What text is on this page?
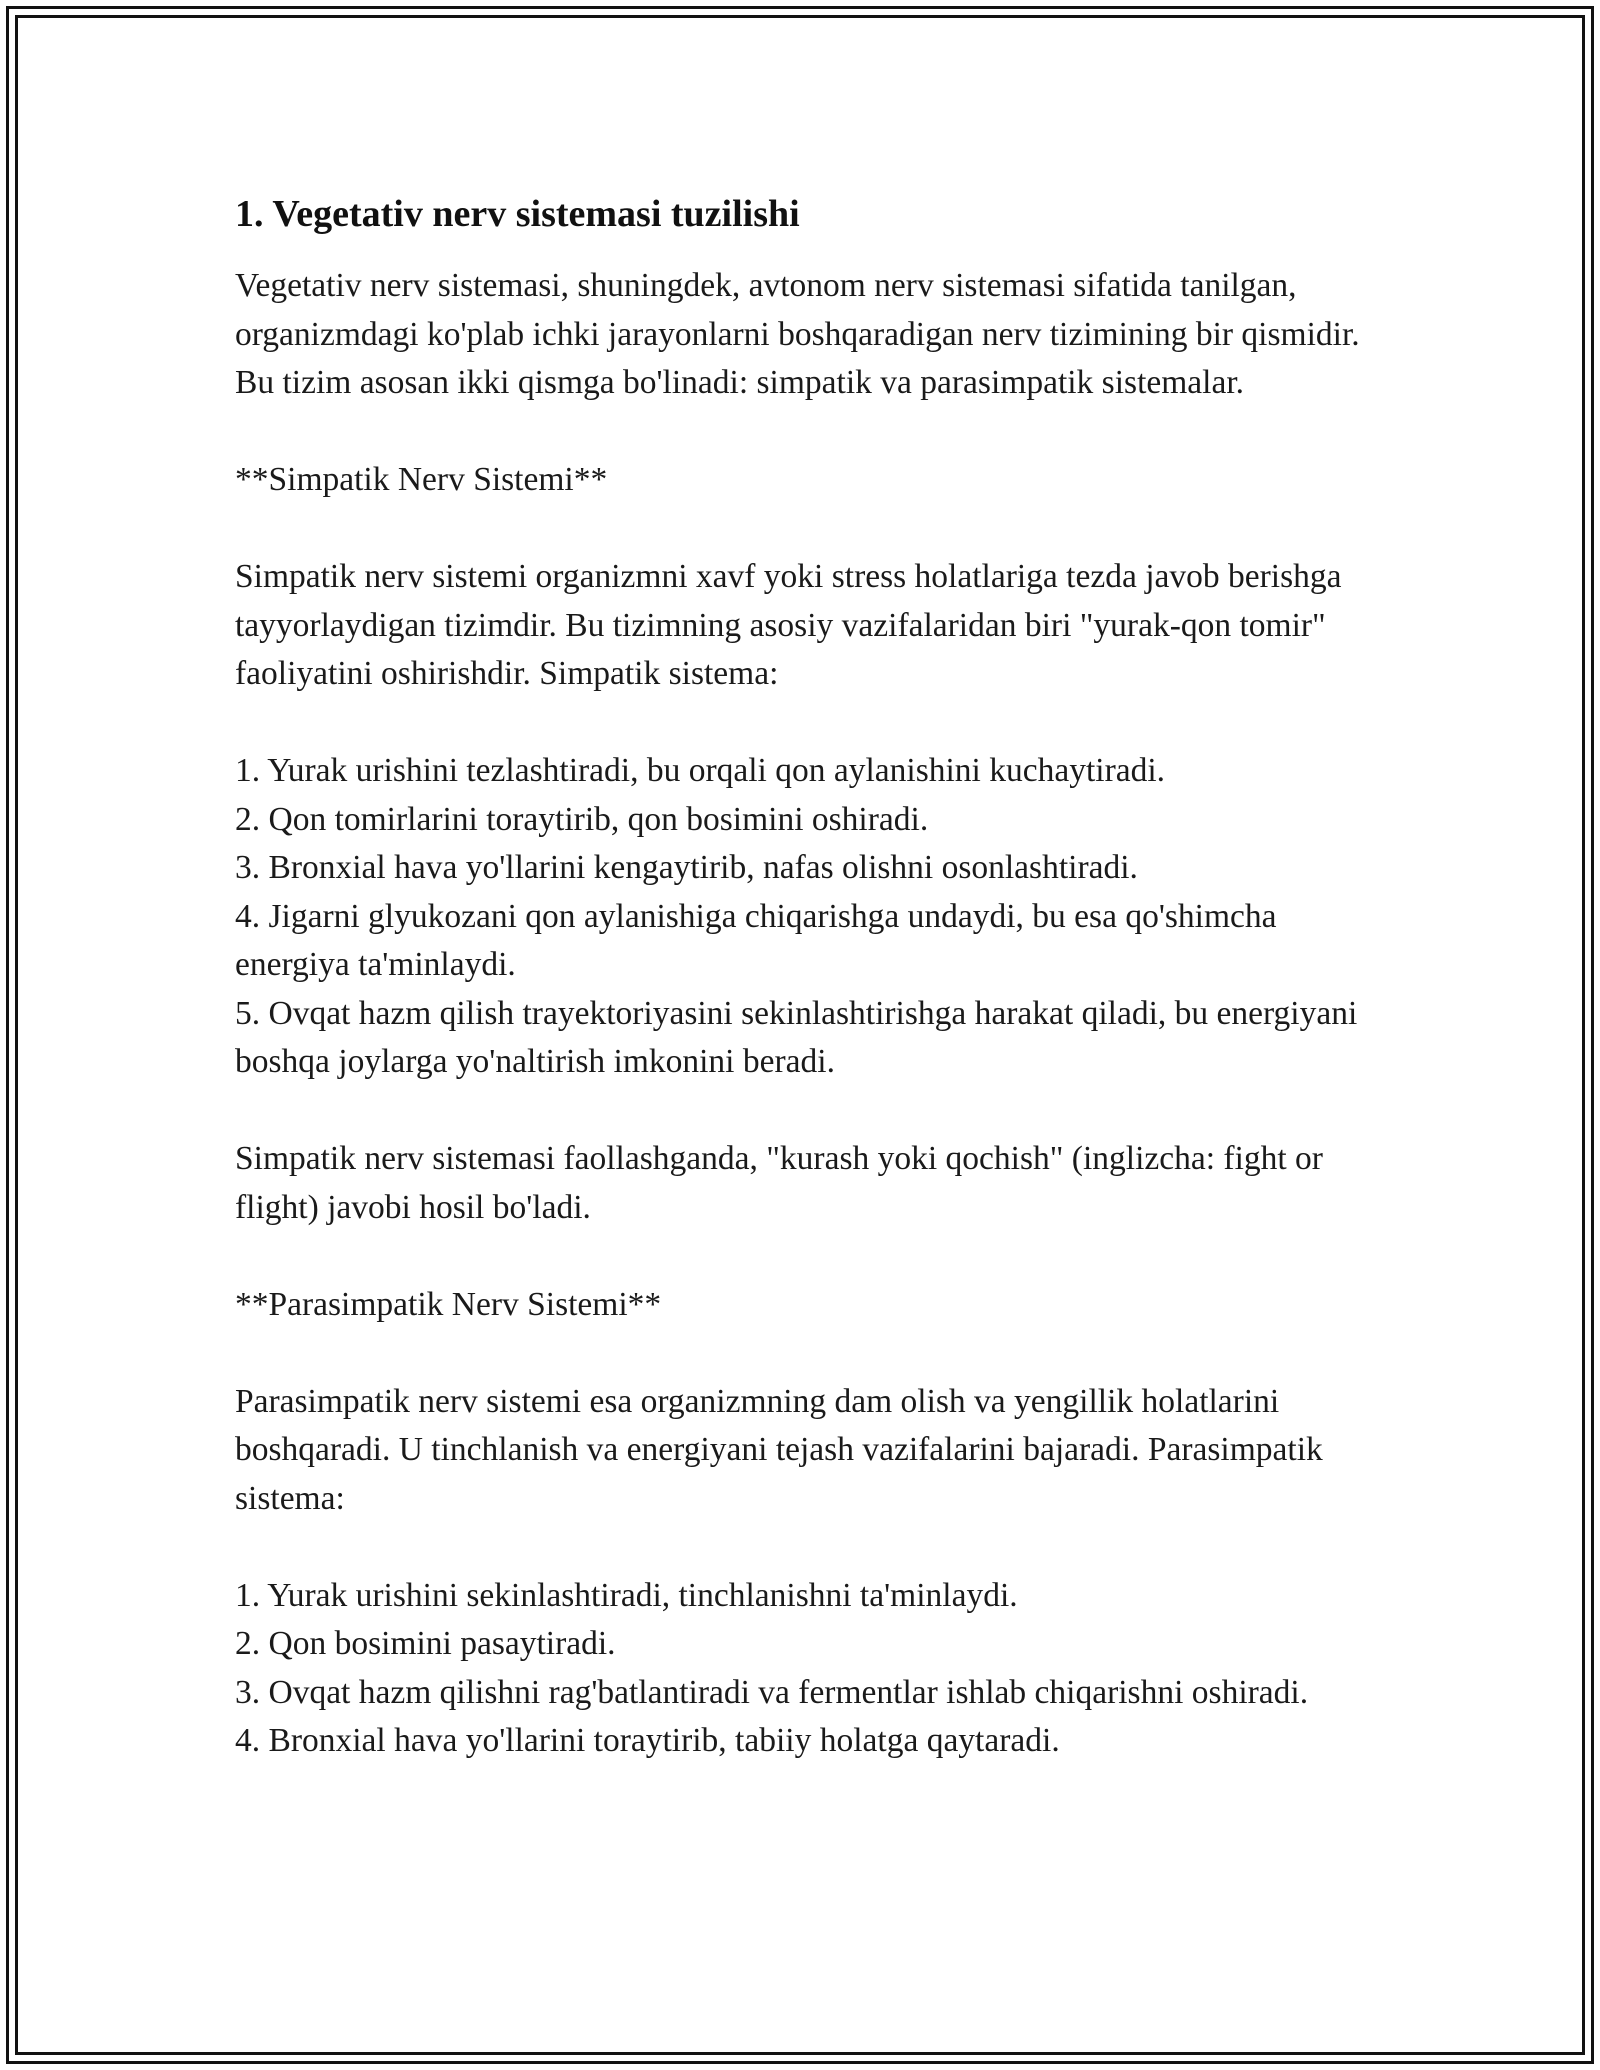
1. Vegetativ nerv sistemasi tuzilishi

Vegetativ nerv sistemasi, shuningdek, avtonom nerv sistemasi sifatida tanilgan, organizmdagi ko'plab ichki jarayonlarni boshqaradigan nerv tizimining bir qismidir. Bu tizim asosan ikki qismga bo'linadi: simpatik va parasimpatik sistemalar.

**Simpatik Nerv Sistemi**

Simpatik nerv sistemi organizmni xavf yoki stress holatlariga tezda javob berishga tayyorlaydigan tizimdir. Bu tizimning asosiy vazifalaridan biri "yurak-qon tomir" faoliyatini oshirishdir. Simpatik sistema:

1. Yurak urishini tezlashtiradi, bu orqali qon aylanishini kuchaytiradi.

2. Qon tomirlarini toraytirib, qon bosimini oshiradi.

3. Bronxial hava yo'llarini kengaytirib, nafas olishni osonlashtiradi.

4. Jigarni glyukozani qon aylanishiga chiqarishga undaydi, bu esa qo'shimcha energiya ta'minlaydi.

5. Ovqat hazm qilish trayektoriyasini sekinlashtirishga harakat qiladi, bu energiyani boshqa joylarga yo'naltirish imkonini beradi.

Simpatik nerv sistemasi faollashganda, "kurash yoki qochish" (inglizcha: fight or flight) javobi hosil bo'ladi.

**Parasimpatik Nerv Sistemi**

Parasimpatik nerv sistemi esa organizmning dam olish va yengillik holatlarini boshqaradi. U tinchlanish va energiyani tejash vazifalarini bajaradi. Parasimpatik sistema:

1. Yurak urishini sekinlashtiradi, tinchlanishni ta'minlaydi.

2. Qon bosimini pasaytiradi.

3. Ovqat hazm qilishni rag'batlantiradi va fermentlar ishlab chiqarishni oshiradi.

4. Bronxial hava yo'llarini toraytirib, tabiiy holatga qaytaradi.
